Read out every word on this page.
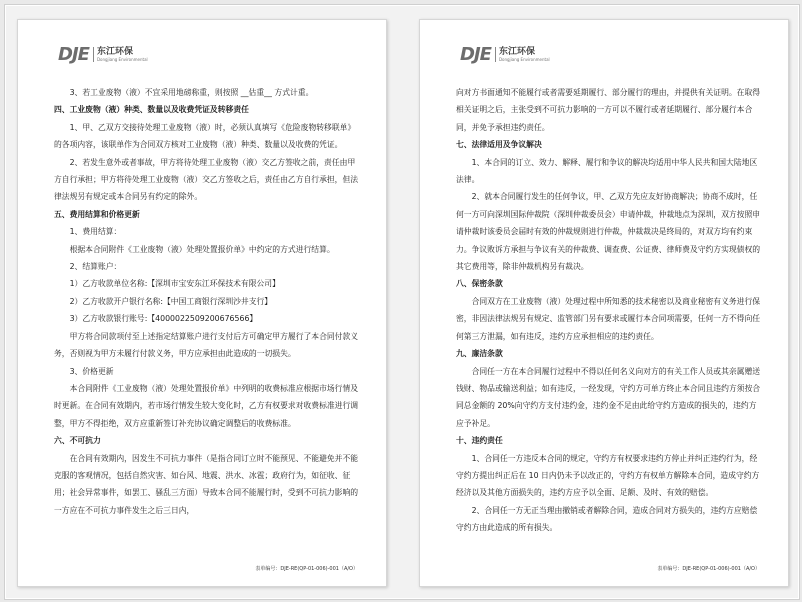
DJE 东江环保
Dongjiang Environmental

3、若工业废物（液）不宜采用地磅称重，则按照 __估重__ 方式计重。

四、工业废物（液）种类、数量以及收费凭证及转移责任

1、甲、乙双方交接待处理工业废物（液）时，必须认真填写《危险废物转移联单》的各项内容，该联单作为合同双方核对工业废物（液）种类、数量以及收费的凭证。

2、若发生意外或者事故，甲方将待处理工业废物（液）交乙方签收之前，责任由甲方自行承担；甲方将待处理工业废物（液）交乙方签收之后，责任由乙方自行承担，但法律法规另有规定或本合同另有约定的除外。

五、费用结算和价格更新

1、费用结算：

根据本合同附件《工业废物（液）处理处置报价单》中约定的方式进行结算。

2、结算账户：

1）乙方收款单位名称:【深圳市宝安东江环保技术有限公司】

2）乙方收款开户银行名称:【中国工商银行深圳沙井支行】

3）乙方收款银行账号:【4000022509200676566】

甲方将合同款项付至上述指定结算账户进行支付后方可确定甲方履行了本合同付款义务，否则视为甲方未履行付款义务，甲方应承担由此造成的一切损失。

3、价格更新

本合同附件《工业废物（液）处理处置报价单》中列明的收费标准应根据市场行情及时更新。在合同有效期内，若市场行情发生较大变化时，乙方有权要求对收费标准进行调整，甲方不得拒绝，双方应重新签订补充协议确定调整后的收费标准。

六、不可抗力

在合同有效期内，因发生不可抗力事件（是指合同订立时不能预见、不能避免并不能克服的客观情况，包括自然灾害、如台风、地震、洪水、冰雹；政府行为，如征收、征用；社会异常事件，如罢工、骚乱三方面）导致本合同不能履行时，受到不可抗力影响的一方应在不可抗力事件发生之后三日内，

表单编号：DJE-RE(QP-01-006)-001（A/O）
DJE 东江环保
Dongjiang Environmental

向对方书面通知不能履行或者需要延期履行、部分履行的理由，并提供有关证明。在取得相关证明之后，主张受到不可抗力影响的一方可以不履行或者延期履行、部分履行本合同，并免予承担违约责任。

七、法律适用及争议解决

1、本合同的订立、效力、解释、履行和争议的解决均适用中华人民共和国大陆地区法律。

2、就本合同履行发生的任何争议，甲、乙双方先应友好协商解决；协商不成时，任何一方可向深圳国际仲裁院（深圳仲裁委员会）申请仲裁，仲裁地点为深圳，双方按照申请仲裁时该委员会届时有效的仲裁规则进行仲裁，仲裁裁决是终局的，对双方均有约束力。争议败诉方承担与争议有关的仲裁费、调查费、公证费、律师费及守约方实现债权的其它费用等，除非仲裁机构另有裁决。

八、保密条款

合同双方在工业废物（液）处理过程中所知悉的技术秘密以及商业秘密有义务进行保密，非因法律法规另有规定、监管部门另有要求或履行本合同项需要，任何一方不得向任何第三方泄漏，如有违反，违约方应承担相应的违约责任。

九、廉洁条款

合同任一方在本合同履行过程中不得以任何名义向对方的有关工作人员或其亲属赠送钱财、物品或输送利益；如有违反，一经发现，守约方可单方终止本合同且违约方须按合同总金额的 20%向守约方支付违约金，违约金不足由此给守约方造成的损失的，违约方应予补足。

十、违约责任

1、合同任一方违反本合同的规定，守约方有权要求违约方停止并纠正违约行为，经守约方提出纠正后在 10 日内仍未予以改正的，守约方有权单方解除本合同，造成守约方经济以及其他方面损失的，违约方应予以全面、足额、及时、有效的赔偿。

2、合同任一方无正当理由撤销或者解除合同，造成合同对方损失的，违约方应赔偿守约方由此造成的所有损失。

表单编号：DJE-RE(QP-01-006)-001（A/O）
